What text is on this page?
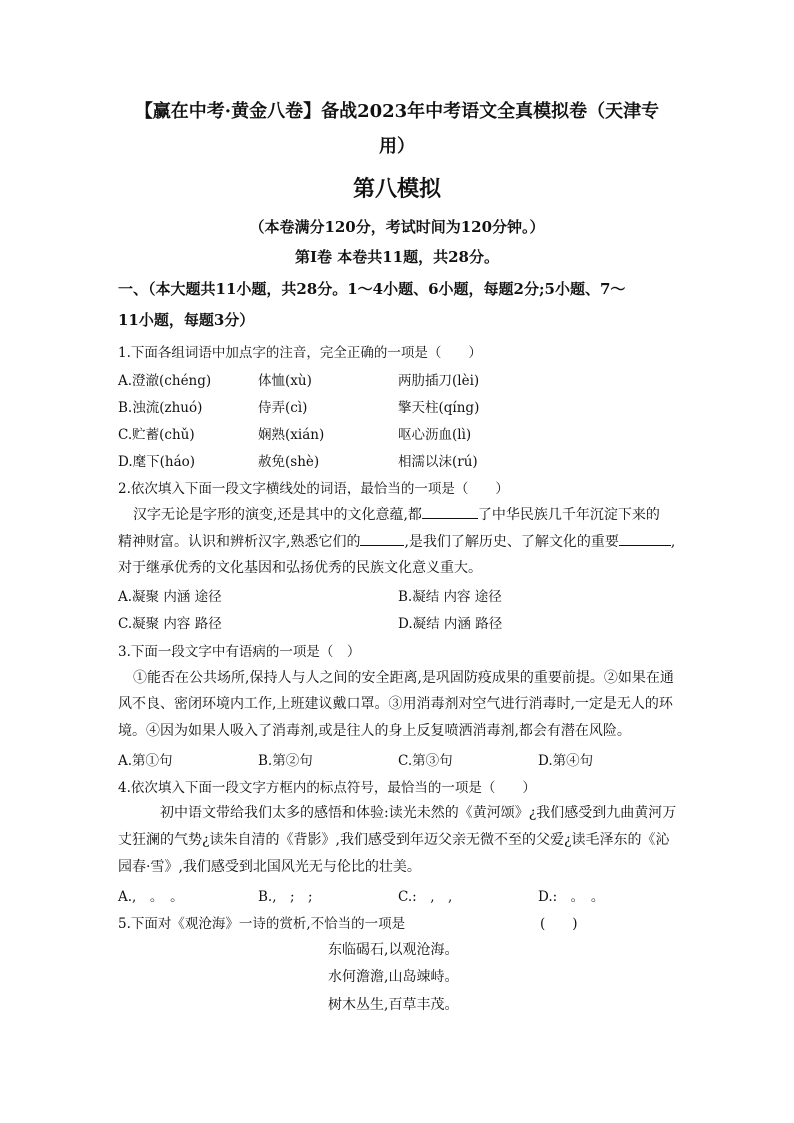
【赢在中考·黄金八卷】备战2023年中考语文全真模拟卷（天津专
用）
第八模拟
（本卷满分120分，考试时间为120分钟。）
第Ⅰ卷 本卷共11题，共28分。
一、（本大题共11小题，共28分。1～4小题、6小题，每题2分;5小题、7～
11小题，每题3分）
1.下面各组词语中加点字的注音，完全正确的一项是（　　）
A.澄澈(chéng)	体恤(xù)	两肋插刀(lèi)
B.浊流(zhuó)	侍弄(cì)	擎天柱(qíng)
C.贮蓄(chǔ)	娴熟(xián)	呕心沥血(lì)
D.麾下(háo)	赦免(shè)	相濡以沫(rú)
2.依次填入下面一段文字横线处的词语，最恰当的一项是（　　）
汉字无论是字形的演变,还是其中的文化意蕴,都	了中华民族几千年沉淀下来的
精神财富。认识和辨析汉字,熟悉它们的	,是我们了解历史、了解文化的重要	,
对于继承优秀的文化基因和弘扬优秀的民族文化意义重大。
A.凝聚 内涵 途径	B.凝结 内容 途径
C.凝聚 内容 路径	D.凝结 内涵 路径
3.下面一段文字中有语病的一项是（　）
①能否在公共场所,保持人与人之间的安全距离,是巩固防疫成果的重要前提。②如果在通
风不良、密闭环境内工作,上班建议戴口罩。③用消毒剂对空气进行消毒时,一定是无人的环
境。④因为如果人吸入了消毒剂,或是往人的身上反复喷洒消毒剂,都会有潜在风险。
A.第①句	B.第②句	C.第③句	D.第④句
4.依次填入下面一段文字方框内的标点符号，最恰当的一项是（　　）
初中语文带给我们太多的感悟和体验:读光未然的《黄河颂》¿我们感受到九曲黄河万
丈狂澜的气势¿读朱自清的《背影》,我们感受到年迈父亲无微不至的父爱¿读毛泽东的《沁
园春·雪》,我们感受到北国风光无与伦比的壮美。
A.,　。　。	B.,　;　;	C.:　,　,	D.:　。　。
5.下面对《观沧海》一诗的赏析,不恰当的一项是	(　　)
东临碣石,以观沧海。
水何澹澹,山岛竦峙。
树木丛生,百草丰茂。
